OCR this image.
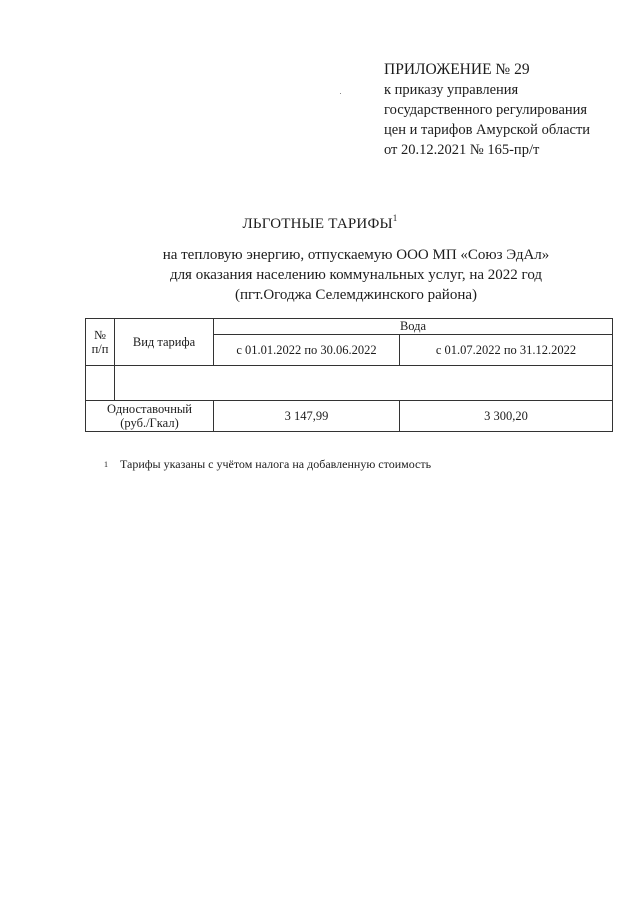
ПРИЛОЖЕНИЕ № 29
к приказу управления
государственного регулирования
цен и тарифов Амурской области
от 20.12.2021 № 165-пр/т
ЛЬГОТНЫЕ ТАРИФЫ$^1$
на тепловую энергию, отпускаемую ООО МП «Союз ЭдАл»
для оказания населению коммунальных услуг, на 2022 год
(пгт.Огоджа Селемджинского района)
№ п/п	Вид тарифа	Вода	
		с 01.01.2022 по 30.06.2022	с 01.07.2022 по 31.12.2022

Одноставочный
(руб./Гкал)		3 147,99	3 300,20
1 Тарифы указаны с учётом налога на добавленную стоимость
